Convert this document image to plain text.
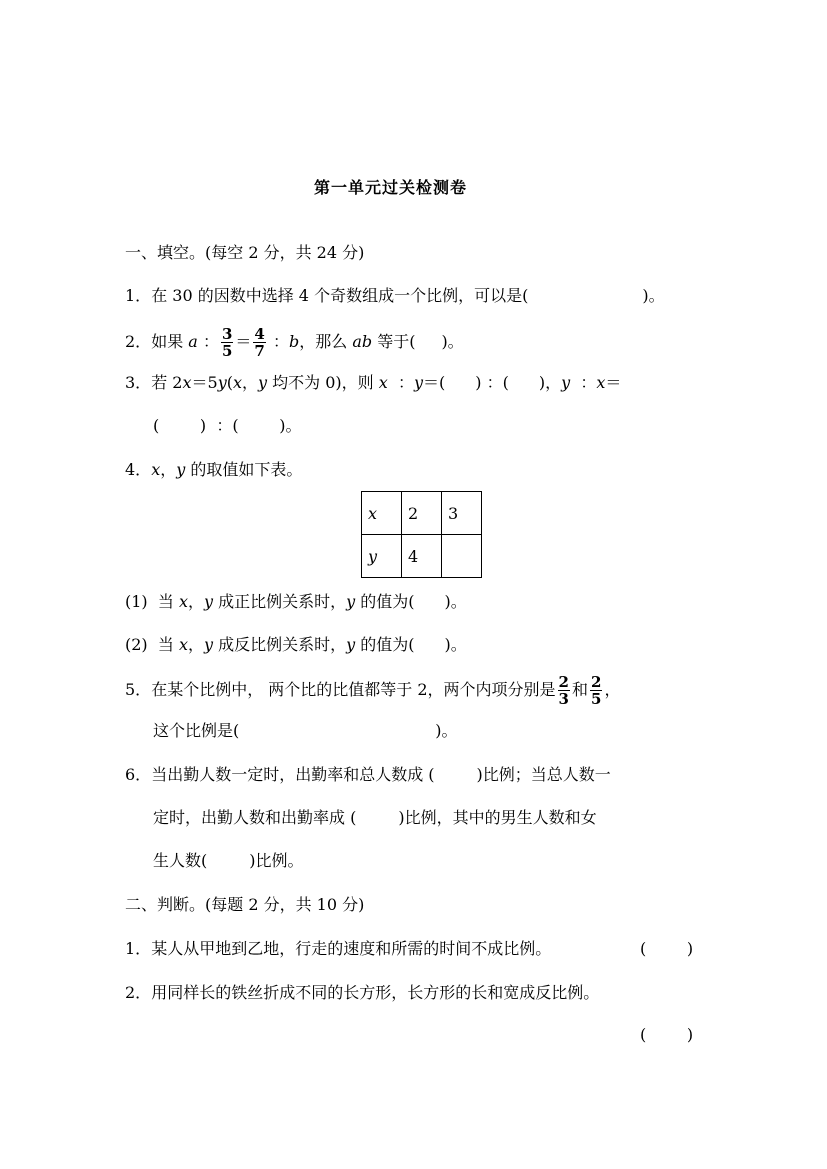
第一单元过关检测卷
一、填空。(每空 2 分，共 24 分)
1．在 30 的因数中选择 4 个奇数组成一个比例，可以是(	)。
2．如果 a ： $\frac{3}{5} = \frac{4}{7}$ ：b，那么 ab 等于( )。
3．若 2x＝5y(x，y 均不为 0)，则 x ：y＝( ) ：( )，y ：x＝
(        )  ：(        )。
4．x，y 的取值如下表。
x	2	3
y	4	
(1) 当 x，y 成正比例关系时，y 的值为( )。
(2) 当 x，y 成反比例关系时，y 的值为( )。
5．在某个比例中， 两个比的比值都等于 2，两个内项分别是 $\frac{2}{3}$ 和 $\frac{2}{5}$ ，
这个比例是(	)。
6．当出勤人数一定时，出勤率和总人数成 (	)比例；当总人数一
定时，出勤人数和出勤率成 (	)比例，其中的男生人数和女
生人数(	)比例。
二、判断。(每题 2 分，共 10 分)
1．某人从甲地到乙地，行走的速度和所需的时间不成比例。	(        )
2．用同样长的铁丝折成不同的长方形，长方形的长和宽成反比例。
(        )
